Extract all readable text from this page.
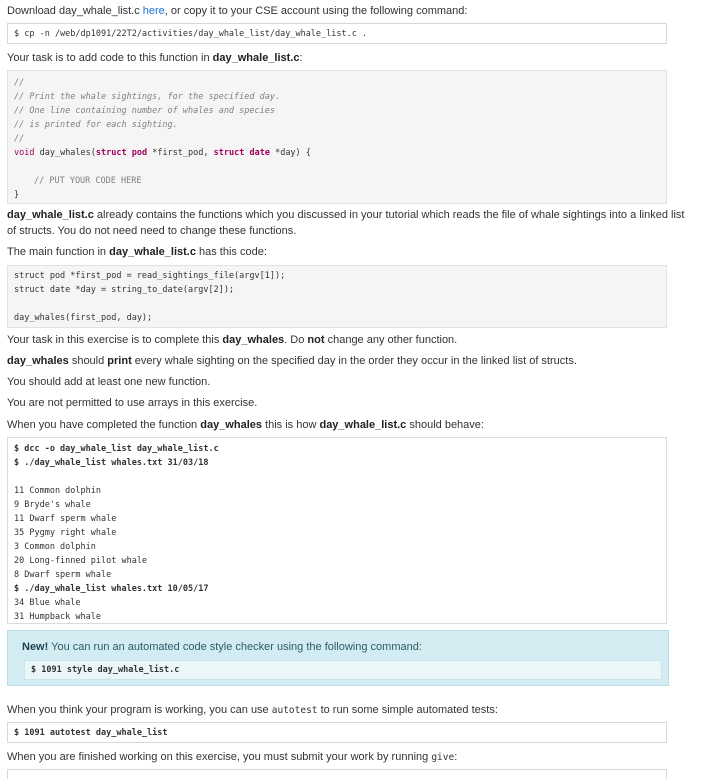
Download day_whale_list.c here, or copy it to your CSE account using the following command:
$ cp -n /web/dp1091/22T2/activities/day_whale_list/day_whale_list.c .
Your task is to add code to this function in day_whale_list.c:

//

// Print the whale sightings, for the specified day.

// One line containing number of whales and species

// is printed for each sighting.

//

void day_whales(struct pod *first_pod, struct date *day) {

// PUT YOUR CODE HERE

}

day_whale_list.c already contains the functions which you discussed in your tutorial which reads the file of whale sightings into a linked list
of structs. You do not need need to change these functions.
The main function in day_whale_list.c has this code:

struct pod *first_pod = read_sightings_file(argv[1]);

struct date *day = string_to_date(argv[2]);

day_whales(first_pod, day);

Your task in this exercise is to complete this day_whales. Do not change any other function.
day_whales should print every whale sighting on the specified day in the order they occur in the linked list of structs.
You should add at least one new function.
You are not permitted to use arrays in this exercise.
When you have completed the function day_whales this is how day_whale_list.c should behave:

$ dcc -o day_whale_list day_whale_list.c

$ ./day_whale_list whales.txt 31/03/18

11 Common dolphin

9 Bryde's whale

11 Dwarf sperm whale

35 Pygmy right whale

3 Common dolphin

20 Long-finned pilot whale

8 Dwarf sperm whale

$ ./day_whale_list whales.txt 10/05/17

34 Blue whale

31 Humpback whale

New! You can run an automated code style checker using the following command:
$ 1091 style day_whale_list.c
When you think your program is working, you can use autotest to run some simple automated tests:
$ 1091 autotest day_whale_list
When you are finished working on this exercise, you must submit your work by running give:
